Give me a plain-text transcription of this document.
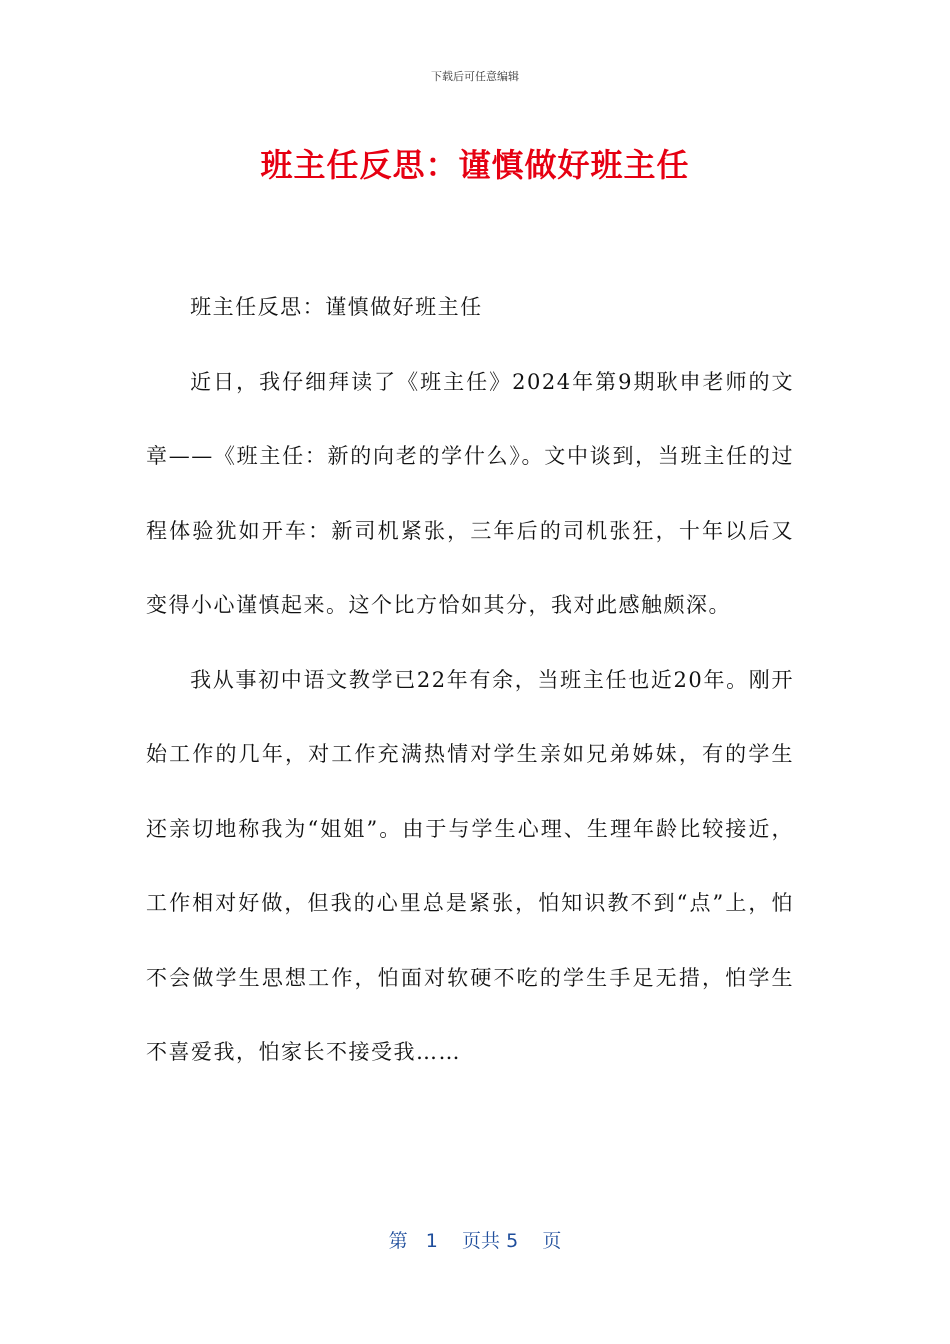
下载后可任意编辑
班主任反思：谨慎做好班主任

班主任反思：谨慎做好班主任

近日，我仔细拜读了《班主任》2024年第9期耿申老师的文章——《班主任：新的向老的学什么》。文中谈到，当班主任的过程体验犹如开车：新司机紧张，三年后的司机张狂，十年以后又变得小心谨慎起来。这个比方恰如其分，我对此感触颇深。

我从事初中语文教学已22年有余，当班主任也近20年。刚开始工作的几年，对工作充满热情对学生亲如兄弟姊妹，有的学生还亲切地称我为“姐姐”。由于与学生心理、生理年龄比较接近，工作相对好做，但我的心里总是紧张，怕知识教不到“点”上，怕不会做学生思想工作，怕面对软硬不吃的学生手足无措，怕学生不喜爱我，怕家长不接受我……

第 1 页共 5 页
